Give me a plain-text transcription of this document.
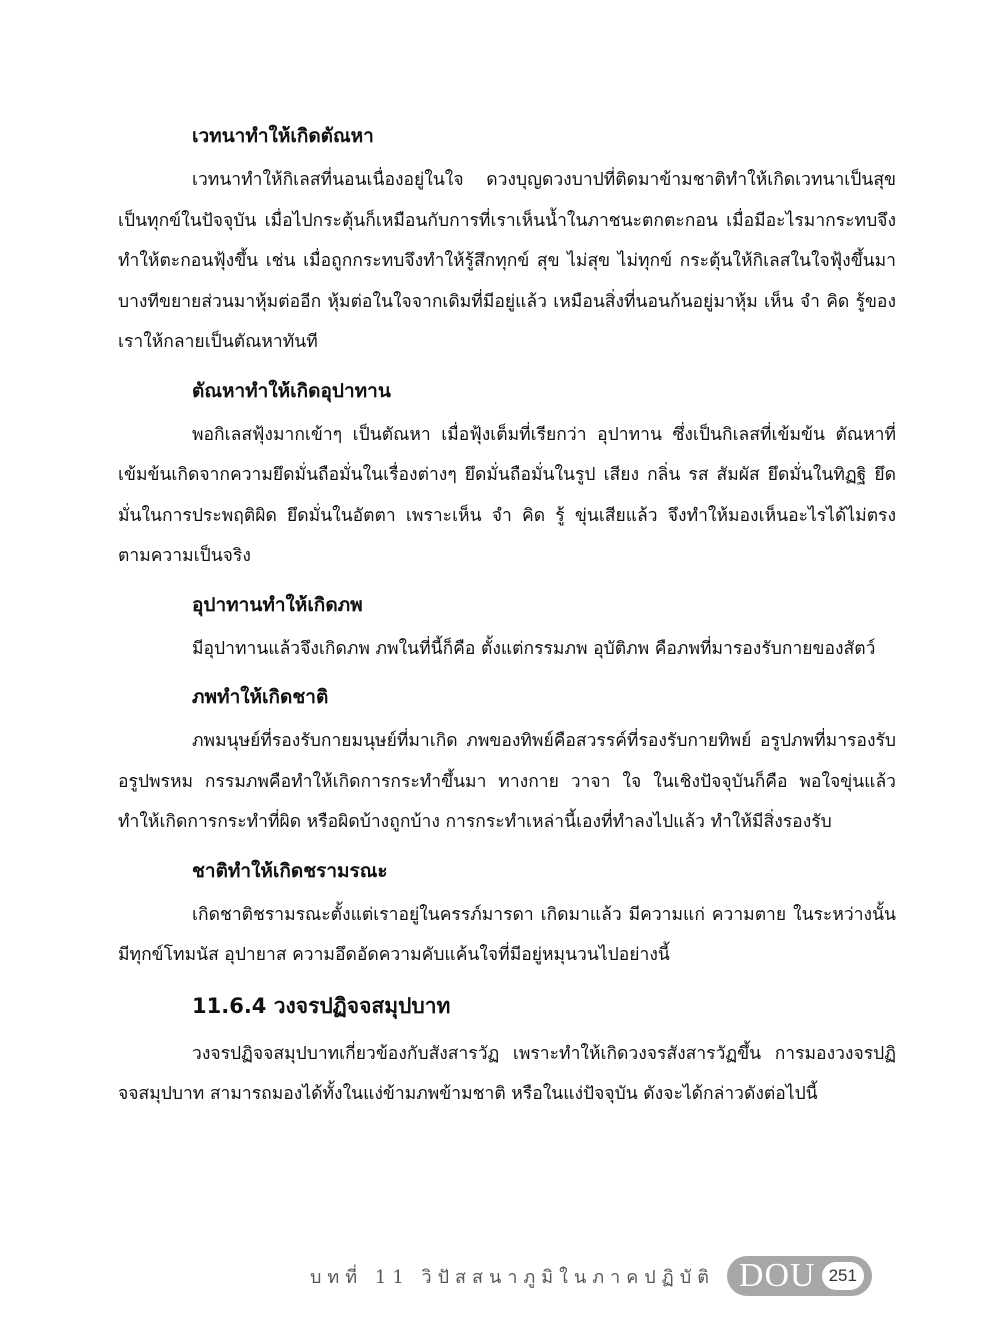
เวทนาทำให้เกิดตัณหา

เวทนาทำให้กิเลสที่นอนเนื่องอยู่ในใจ ดวงบุญดวงบาปที่ติดมาข้ามชาติทำให้เกิดเวทนาเป็นสุขเป็นทุกข์ในปัจจุบัน เมื่อไปกระตุ้นก็เหมือนกับการที่เราเห็นน้ำในภาชนะตกตะกอน เมื่อมีอะไรมากระทบจึงทำให้ตะกอนฟุ้งขึ้น เช่น เมื่อถูกกระทบจึงทำให้รู้สึกทุกข์ สุข ไม่สุข ไม่ทุกข์ กระตุ้นให้กิเลสในใจฟุ้งขึ้นมา บางทีขยายส่วนมาหุ้มต่ออีก หุ้มต่อในใจจากเดิมที่มีอยู่แล้ว เหมือนสิ่งที่นอนก้นอยู่มาหุ้ม เห็น จำ คิด รู้ของเราให้กลายเป็นตัณหาทันที

ตัณหาทำให้เกิดอุปาทาน

พอกิเลสฟุ้งมากเข้าๆ เป็นตัณหา เมื่อฟุ้งเต็มที่เรียกว่า อุปาทาน ซึ่งเป็นกิเลสที่เข้มข้น ตัณหาที่เข้มข้นเกิดจากความยึดมั่นถือมั่นในเรื่องต่างๆ ยึดมั่นถือมั่นในรูป เสียง กลิ่น รส สัมผัส ยึดมั่นในทิฏฐิ ยึดมั่นในการประพฤติผิด ยึดมั่นในอัตตา เพราะเห็น จำ คิด รู้ ขุ่นเสียแล้ว จึงทำให้มองเห็นอะไรได้ไม่ตรงตามความเป็นจริง

อุปาทานทำให้เกิดภพ

มีอุปาทานแล้วจึงเกิดภพ ภพในที่นี้ก็คือ ตั้งแต่กรรมภพ อุบัติภพ คือภพที่มารองรับกายของสัตว์

ภพทำให้เกิดชาติ

ภพมนุษย์ที่รองรับกายมนุษย์ที่มาเกิด ภพของทิพย์คือสวรรค์ที่รองรับกายทิพย์ อรูปภพที่มารองรับอรูปพรหม กรรมภพคือทำให้เกิดการกระทำขึ้นมา ทางกาย วาจา ใจ ในเชิงปัจจุบันก็คือ พอใจขุ่นแล้วทำให้เกิดการกระทำที่ผิด หรือผิดบ้างถูกบ้าง การกระทำเหล่านี้เองที่ทำลงไปแล้ว ทำให้มีสิ่งรองรับ

ชาติทำให้เกิดชรามรณะ

เกิดชาติชรามรณะตั้งแต่เราอยู่ในครรภ์มารดา เกิดมาแล้ว มีความแก่ ความตาย ในระหว่างนั้นมีทุกข์โทมนัส อุปายาส ความอึดอัดความคับแค้นใจที่มีอยู่หมุนวนไปอย่างนี้

11.6.4 วงจรปฏิจจสมุปบาท

วงจรปฏิจจสมุปบาทเกี่ยวข้องกับสังสารวัฏ เพราะทำให้เกิดวงจรสังสารวัฏขึ้น การมองวงจรปฏิจจสมุปบาท สามารถมองได้ทั้งในแง่ข้ามภพข้ามชาติ หรือในแง่ปัจจุบัน ดังจะได้กล่าวดังต่อไปนี้

บทที่ 11 วิปัสสนาภูมิในภาคปฏิบัติ DOU 251
